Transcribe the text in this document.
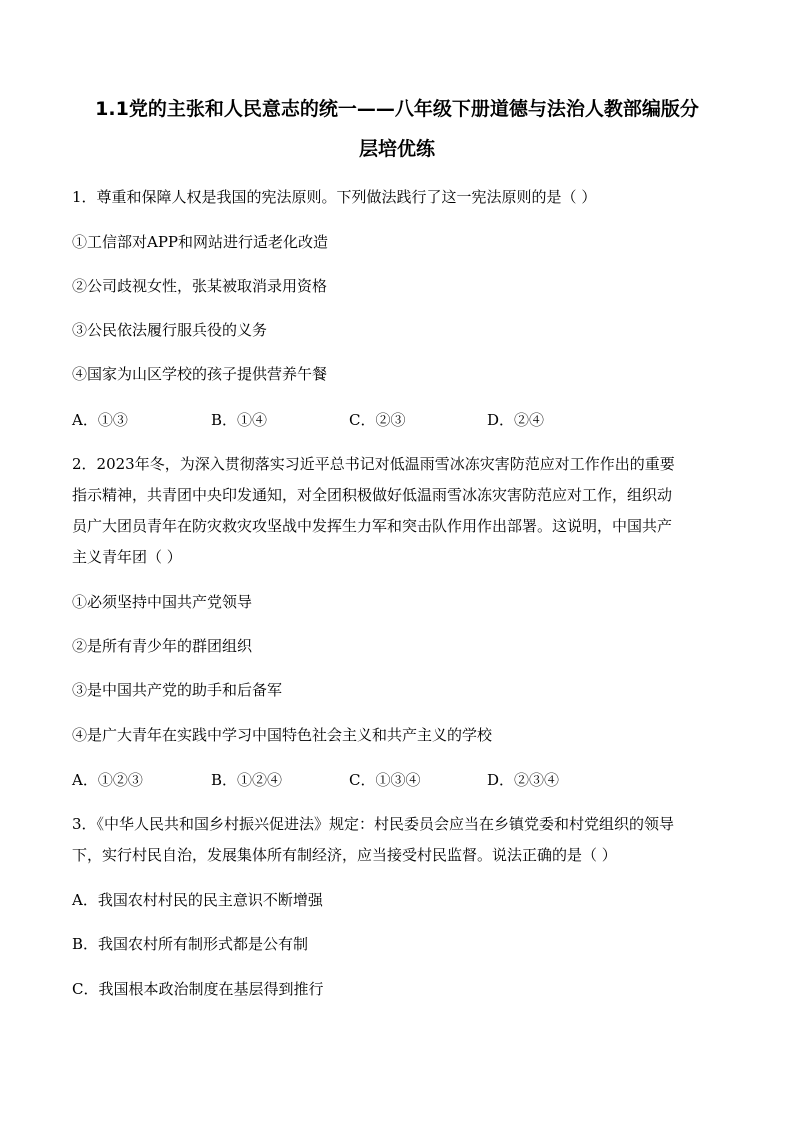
1.1党的主张和人民意志的统一——八年级下册道德与法治人教部编版分
层培优练
1．尊重和保障人权是我国的宪法原则。下列做法践行了这一宪法原则的是（ ）
①工信部对APP和网站进行适老化改造
②公司歧视女性，张某被取消录用资格
③公民依法履行服兵役的义务
④国家为山区学校的孩子提供营养午餐
A．①③	B．①④	C．②③	D．②④
2．2023年冬，为深入贯彻落实习近平总书记对低温雨雪冰冻灾害防范应对工作作出的重要
指示精神，共青团中央印发通知，对全团积极做好低温雨雪冰冻灾害防范应对工作，组织动
员广大团员青年在防灾救灾攻坚战中发挥生力军和突击队作用作出部署。这说明，中国共产
主义青年团（ ）
①必须坚持中国共产党领导
②是所有青少年的群团组织
③是中国共产党的助手和后备军
④是广大青年在实践中学习中国特色社会主义和共产主义的学校
A．①②③	B．①②④	C．①③④	D．②③④
3．《中华人民共和国乡村振兴促进法》规定：村民委员会应当在乡镇党委和村党组织的领导
下，实行村民自治，发展集体所有制经济，应当接受村民监督。说法正确的是（ ）
A．我国农村村民的民主意识不断增强
B．我国农村所有制形式都是公有制
C．我国根本政治制度在基层得到推行
